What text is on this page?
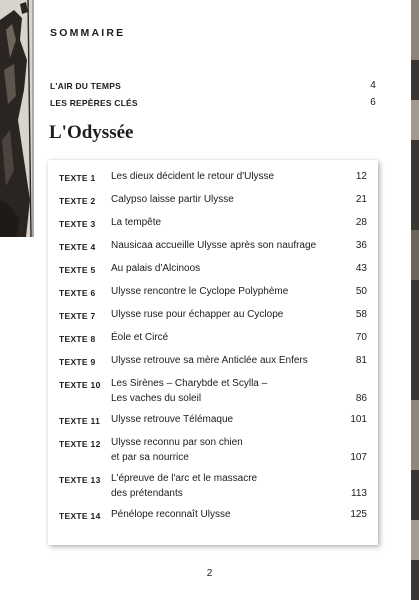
SOMMAIRE
L'AIR DU TEMPS	4
LES REPÈRES CLÉS	6
L'Odyssée
TEXTE 1 Les dieux décident le retour d'Ulysse	12
TEXTE 2 Calypso laisse partir Ulysse	21
TEXTE 3 La tempête	28
TEXTE 4 Nausicaa accueille Ulysse après son naufrage	36
TEXTE 5 Au palais d'Alcinoos	43
TEXTE 6 Ulysse rencontre le Cyclope Polyphème	50
TEXTE 7 Ulysse ruse pour échapper au Cyclope	58
TEXTE 8 Éole et Circé	70
TEXTE 9 Ulysse retrouve sa mère Anticlée aux Enfers	81
TEXTE 10 Les Sirènes – Charybde et Scylla –
Les vaches du soleil	86
TEXTE 11 Ulysse retrouve Télémaque	101
TEXTE 12 Ulysse reconnu par son chien
et par sa nourrice	107
TEXTE 13 L'épreuve de l'arc et le massacre
des prétendants	113
TEXTE 14 Pénélope reconnaît Ulysse	125
2
